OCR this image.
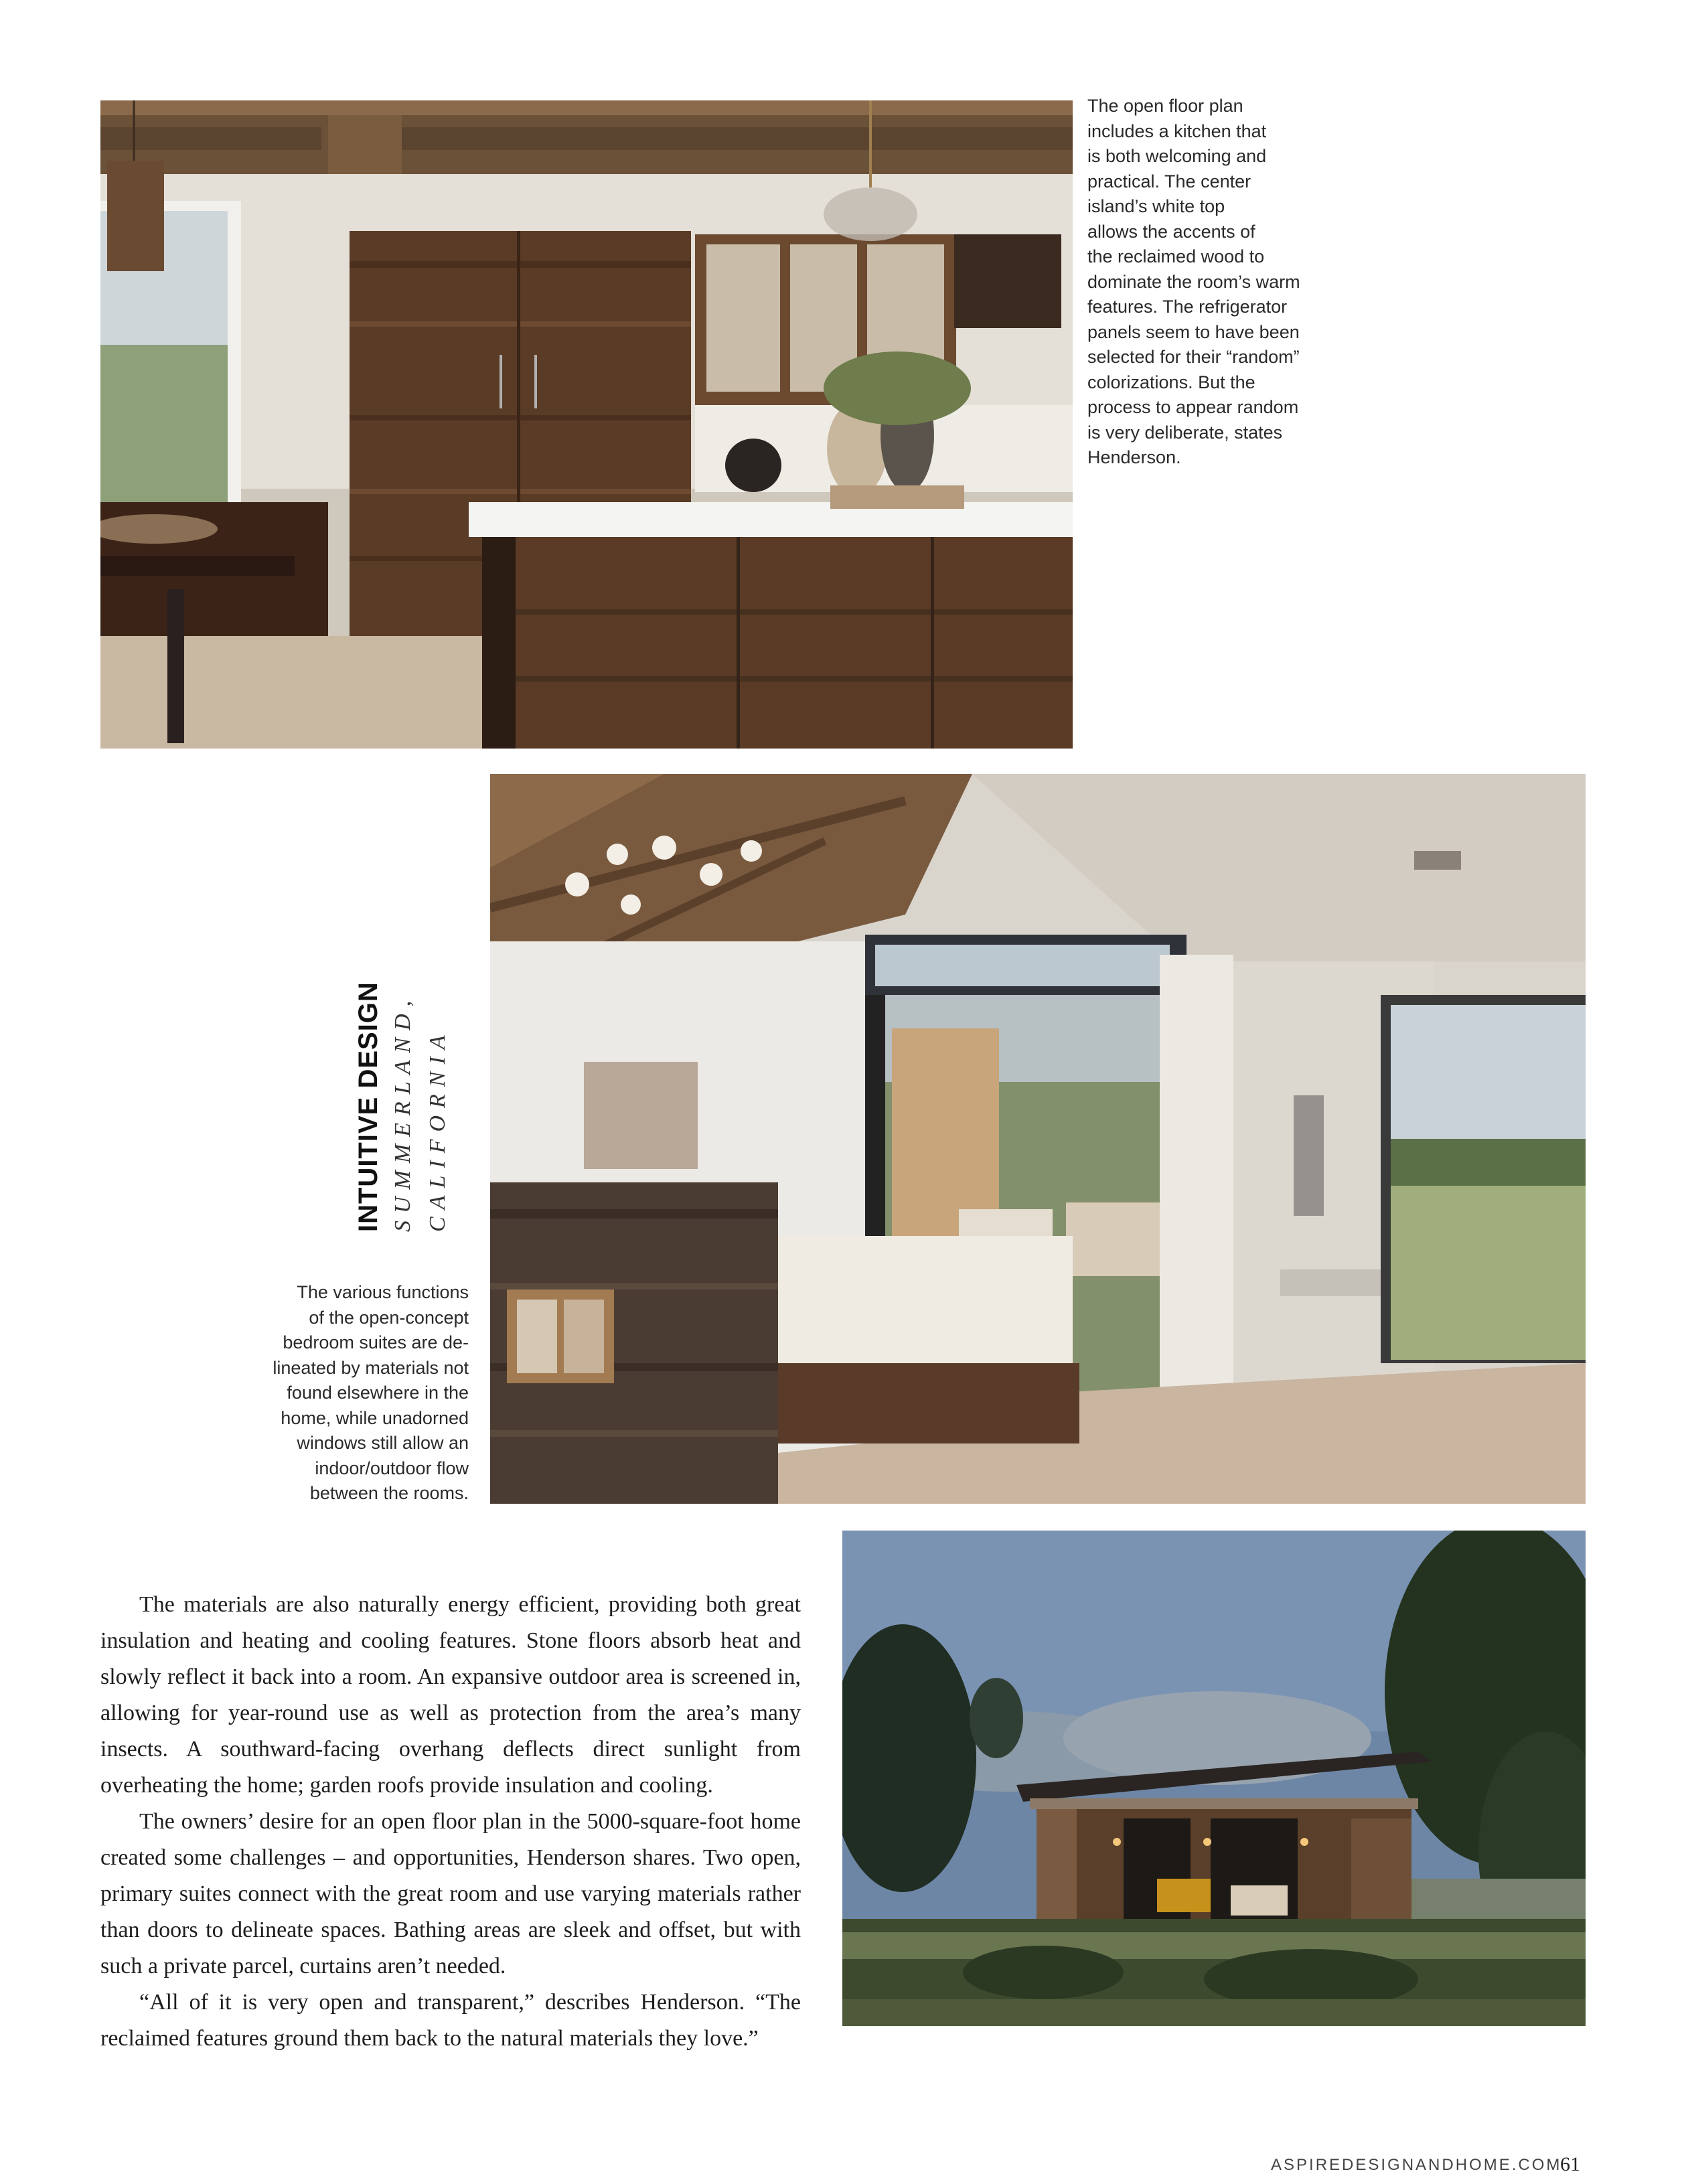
The open floor plan
includes a kitchen that
is both welcoming and
practical. The center
island’s white top
allows the accents of
the reclaimed wood to
dominate the room’s warm
features. The refrigerator
panels seem to have been
selected for their “random”
colorizations. But the
process to appear random
is very deliberate, states
Henderson.
INTUITIVE DESIGN SUMMERLAND, CALIFORNIA
The various functions
of the open-concept
bedroom suites are de-
lineated by materials not
found elsewhere in the
home, while unadorned
windows still allow an
indoor/outdoor flow
between the rooms.

The materials are also naturally energy efficient, providing both great insulation and heating and cooling features. Stone floors absorb heat and slowly reflect it back into a room. An expansive outdoor area is screened in, allowing for year-round use as well as protection from the area’s many insects. A southward-facing overhang deflects direct sunlight from overheating the home; garden roofs provide insulation and cooling.

The owners’ desire for an open floor plan in the 5000-square-foot home created some challenges – and opportunities, Henderson shares. Two open, primary suites connect with the great room and use varying materials rather than doors to delineate spaces. Bathing areas are sleek and offset, but with such a private parcel, curtains aren’t needed.

“All of it is very open and transparent,” describes Henderson. “The reclaimed features ground them back to the natural materials they love.”

ASPIREDESIGNANDHOME.COM
61
